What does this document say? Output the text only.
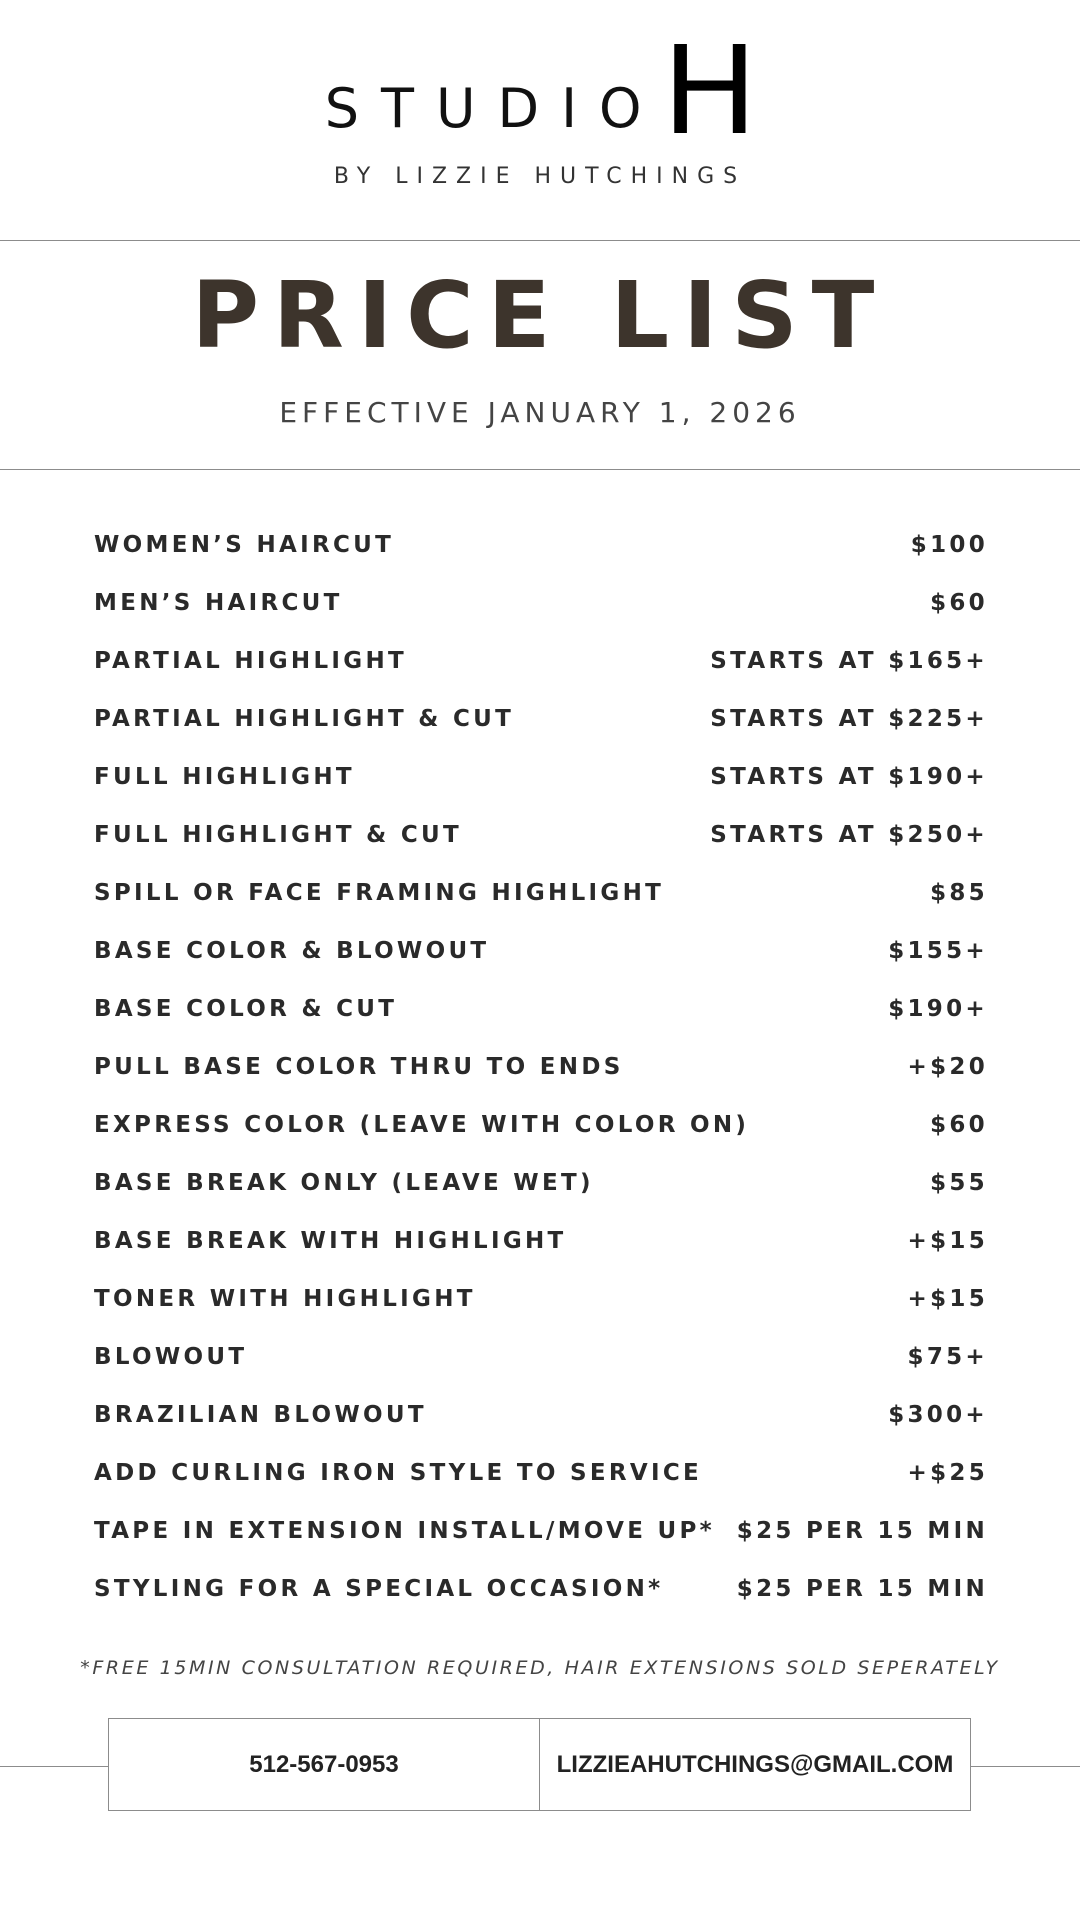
STUDIO
H
BY LIZZIE HUTCHINGS
PRICE LIST
EFFECTIVE JANUARY 1, 2026
WOMEN’S HAIRCUT	$100
MEN’S HAIRCUT	$60
PARTIAL HIGHLIGHT	STARTS AT $165+
PARTIAL HIGHLIGHT & CUT	STARTS AT $225+
FULL HIGHLIGHT	STARTS AT $190+
FULL HIGHLIGHT & CUT	STARTS AT $250+
SPILL OR FACE FRAMING HIGHLIGHT	$85
BASE COLOR & BLOWOUT	$155+
BASE COLOR & CUT	$190+
PULL BASE COLOR THRU TO ENDS	+$20
EXPRESS COLOR (LEAVE WITH COLOR ON)	$60
BASE BREAK ONLY (LEAVE WET)	$55
BASE BREAK WITH HIGHLIGHT	+$15
TONER WITH HIGHLIGHT	+$15
BLOWOUT	$75+
BRAZILIAN BLOWOUT	$300+
ADD CURLING IRON STYLE TO SERVICE	+$25
TAPE IN EXTENSION INSTALL/MOVE UP* $25 PER 15 MIN
STYLING FOR A SPECIAL OCCASION*	$25 PER 15 MIN
*FREE 15MIN CONSULTATION REQUIRED, HAIR EXTENSIONS SOLD SEPERATELY
512-567-0953	LIZZIEAHUTCHINGS@GMAIL.COM
